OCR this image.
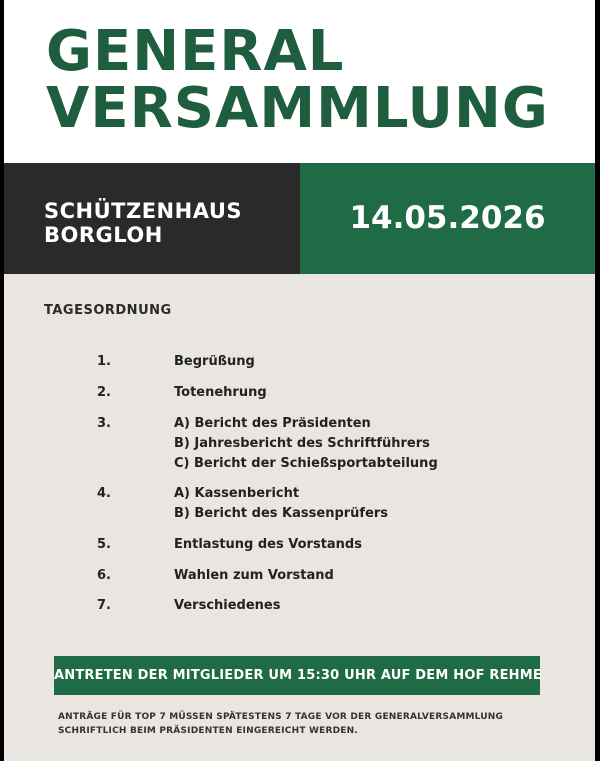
GENERAL
VERSAMMLUNG
SCHÜTZENHAUS
BORGLOH	14.05.2026
TAGESORDNUNG
1.	Begrüßung
2.	Totenehrung
3.	A) Bericht des Präsidenten
B) Jahresbericht des Schriftführers
C) Bericht der Schießsportabteilung
4.	A) Kassenbericht
B) Bericht des Kassenprüfers
5.	Entlastung des Vorstands
6.	Wahlen zum Vorstand
7.	Verschiedenes
ANTRETEN DER MITGLIEDER UM 15:30 UHR AUF DEM HOF REHME
ANTRÄGE FÜR TOP 7 MÜSSEN SPÄTESTENS 7 TAGE VOR DER GENERALVERSAMMLUNG
SCHRIFTLICH BEIM PRÄSIDENTEN EINGEREICHT WERDEN.
